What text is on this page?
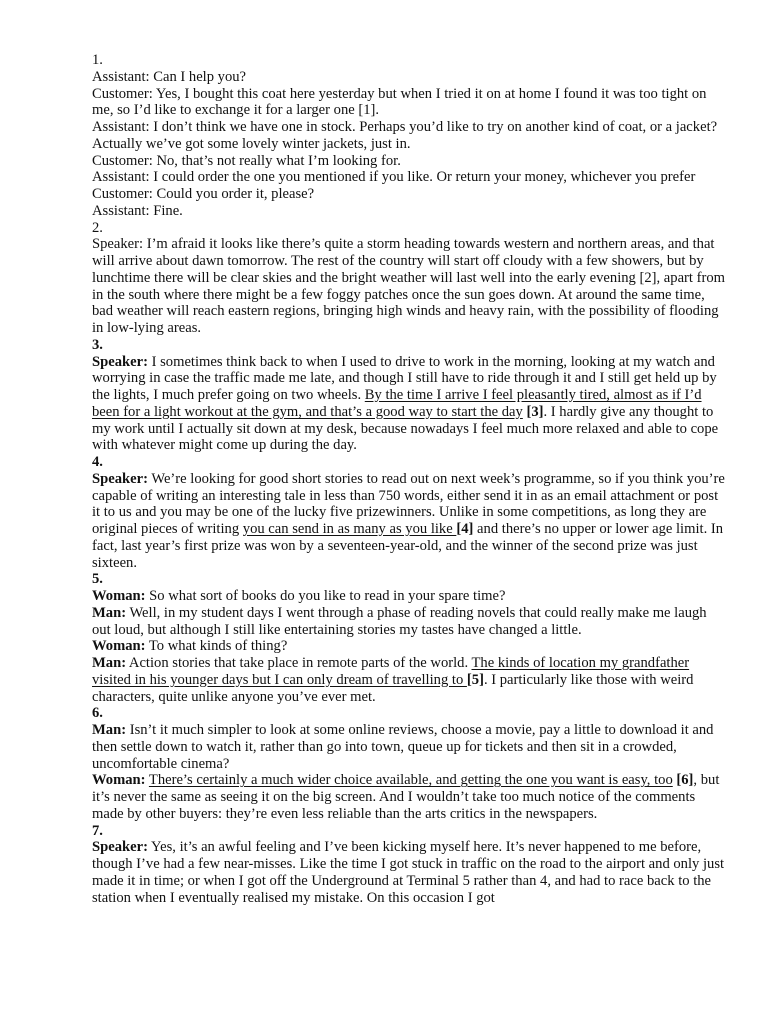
1.

Assistant: Can I help you?

Customer: Yes, I bought this coat here yesterday but when I tried it on at home I found it was too tight on me, so I’d like to exchange it for a larger one [1].

Assistant: I don’t think we have one in stock. Perhaps you’d like to try on another kind of coat, or a jacket? Actually we’ve got some lovely winter jackets, just in.

Customer: No, that’s not really what I’m looking for.

Assistant: I could order the one you mentioned if you like. Or return your money, whichever you prefer

Customer: Could you order it, please?

Assistant: Fine.

2.

Speaker: I’m afraid it looks like there’s quite a storm heading towards western and northern areas, and that will arrive about dawn tomorrow. The rest of the country will start off cloudy with a few showers, but by lunchtime there will be clear skies and the bright weather will last well into the early evening [2], apart from in the south where there might be a few foggy patches once the sun goes down. At around the same time, bad weather will reach eastern regions, bringing high winds and heavy rain, with the possibility of flooding in low-lying areas.

3.

Speaker: I sometimes think back to when I used to drive to work in the morning, looking at my watch and worrying in case the traffic made me late, and though I still have to ride through it and I still get held up by the lights, I much prefer going on two wheels. By the time I arrive I feel pleasantly tired, almost as if I’d been for a light workout at the gym, and that’s a good way to start the day [3]. I hardly give any thought to my work until I actually sit down at my desk, because nowadays I feel much more relaxed and able to cope with whatever might come up during the day.

4.

Speaker: We’re looking for good short stories to read out on next week’s programme, so if you think you’re capable of writing an interesting tale in less than 750 words, either send it in as an email attachment or post it to us and you may be one of the lucky five prizewinners. Unlike in some competitions, as long they are original pieces of writing you can send in as many as you like [4] and there’s no upper or lower age limit. In fact, last year’s first prize was won by a seventeen-year-old, and the winner of the second prize was just sixteen.

5.

Woman: So what sort of books do you like to read in your spare time?

Man: Well, in my student days I went through a phase of reading novels that could really make me laugh out loud, but although I still like entertaining stories my tastes have changed a little.

Woman: To what kinds of thing?

Man: Action stories that take place in remote parts of the world. The kinds of location my grandfather visited in his younger days but I can only dream of travelling to [5]. I particularly like those with weird characters, quite unlike anyone you’ve ever met.

6.

Man: Isn’t it much simpler to look at some online reviews, choose a movie, pay a little to download it and then settle down to watch it, rather than go into town, queue up for tickets and then sit in a crowded, uncomfortable cinema?

Woman: There’s certainly a much wider choice available, and getting the one you want is easy, too [6], but it’s never the same as seeing it on the big screen. And I wouldn’t take too much notice of the comments made by other buyers: they’re even less reliable than the arts critics in the newspapers.

7.

Speaker: Yes, it’s an awful feeling and I’ve been kicking myself here. It’s never happened to me before, though I’ve had a few near-misses. Like the time I got stuck in traffic on the road to the airport and only just made it in time; or when I got off the Underground at Terminal 5 rather than 4, and had to race back to the station when I eventually realised my mistake. On this occasion I got
